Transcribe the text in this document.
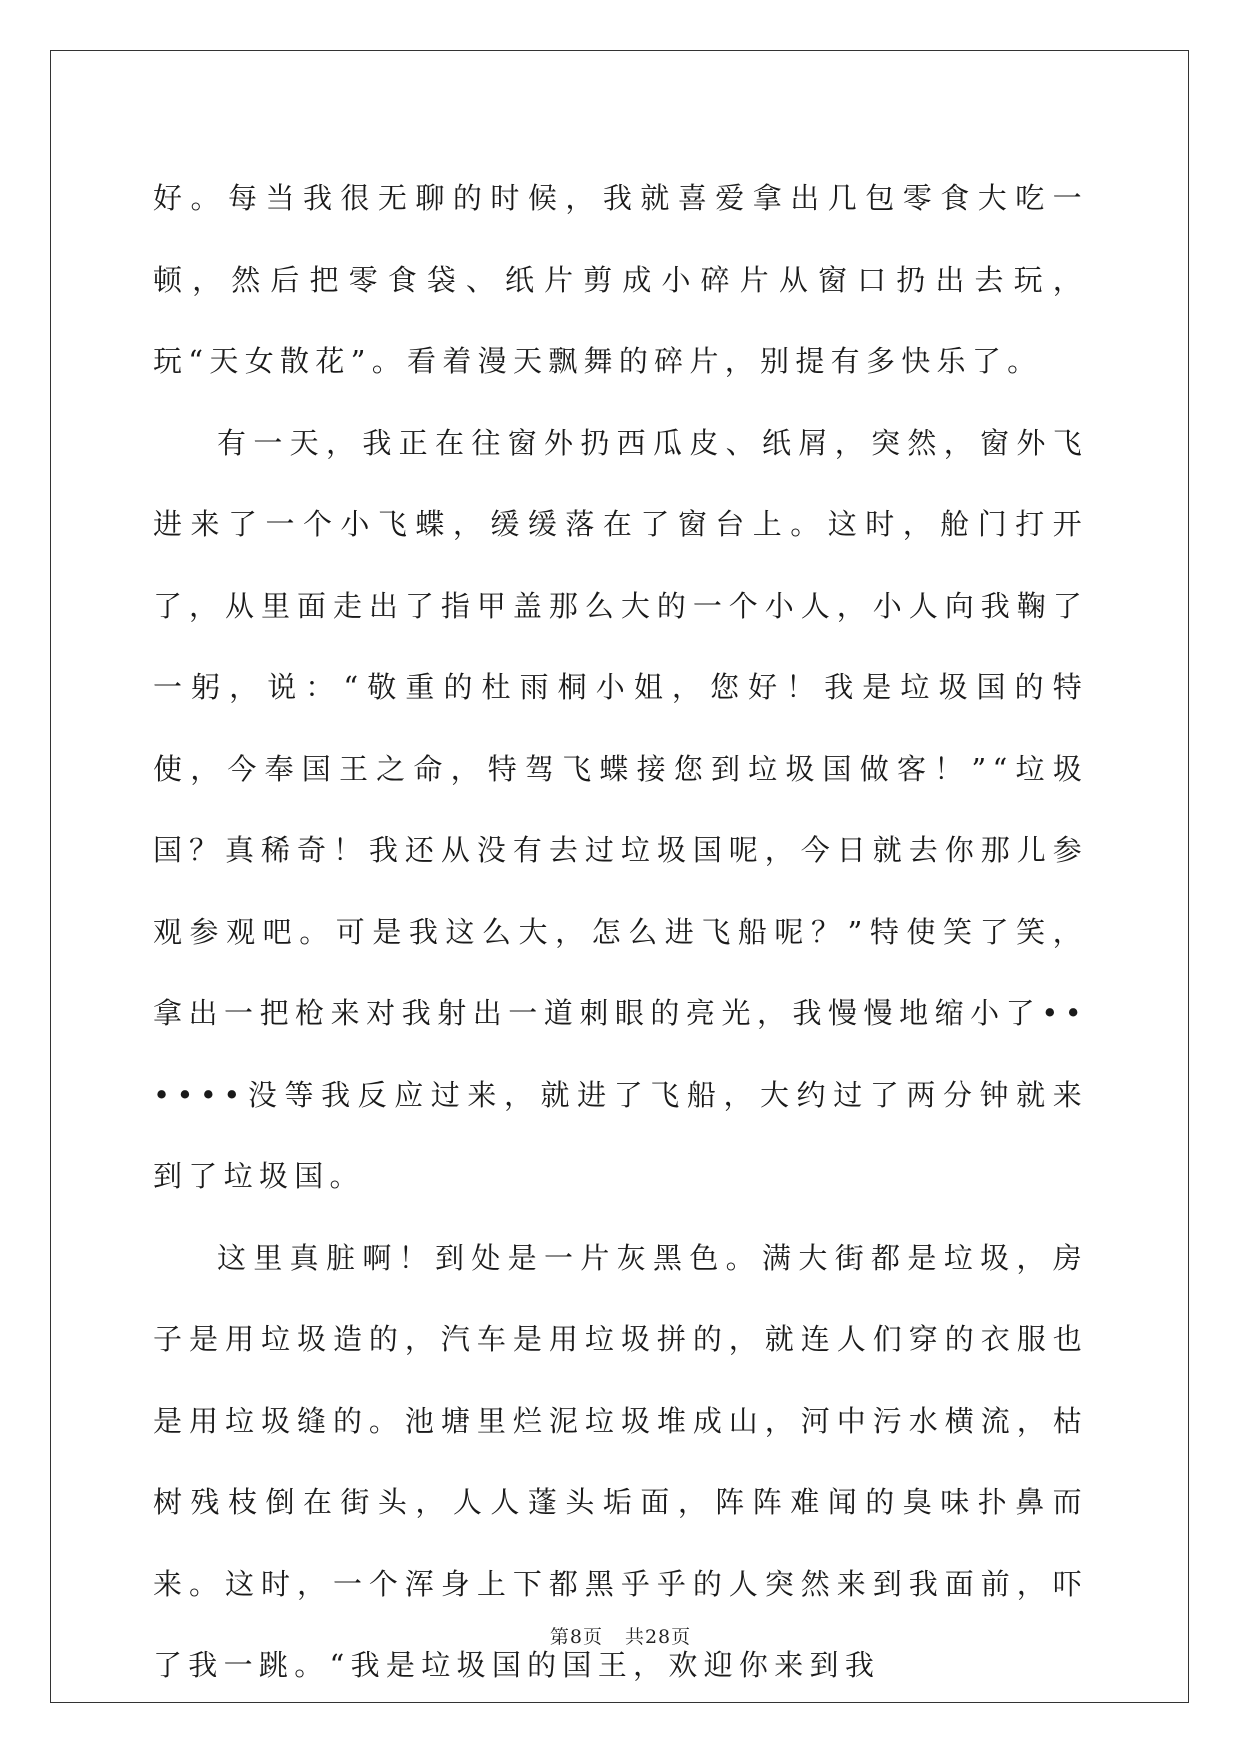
好。每当我很无聊的时候，我就喜爱拿出几包零食大吃一顿，然后把零食袋、纸片剪成小碎片从窗口扔出去玩，玩“天女散花”。看着漫天飘舞的碎片，别提有多快乐了。

有一天，我正在往窗外扔西瓜皮、纸屑，突然，窗外飞进来了一个小飞蝶，缓缓落在了窗台上。这时，舱门打开了，从里面走出了指甲盖那么大的一个小人，小人向我鞠了一躬，说：“敬重的杜雨桐小姐，您好！我是垃圾国的特使，今奉国王之命，特驾飞蝶接您到垃圾国做客！”“垃圾国？真稀奇！我还从没有去过垃圾国呢，今日就去你那儿参观参观吧。可是我这么大，怎么进飞船呢？”特使笑了笑，拿出一把枪来对我射出一道刺眼的亮光，我慢慢地缩小了••••••没等我反应过来，就进了飞船，大约过了两分钟就来到了垃圾国。

这里真脏啊！到处是一片灰黑色。满大街都是垃圾，房子是用垃圾造的，汽车是用垃圾拼的，就连人们穿的衣服也是用垃圾缝的。池塘里烂泥垃圾堆成山，河中污水横流，枯树残枝倒在街头，人人蓬头垢面，阵阵难闻的臭味扑鼻而来。这时，一个浑身上下都黑乎乎的人突然来到我面前，吓了我一跳。“我是垃圾国的国王，欢迎你来到我

第8页 共28页
